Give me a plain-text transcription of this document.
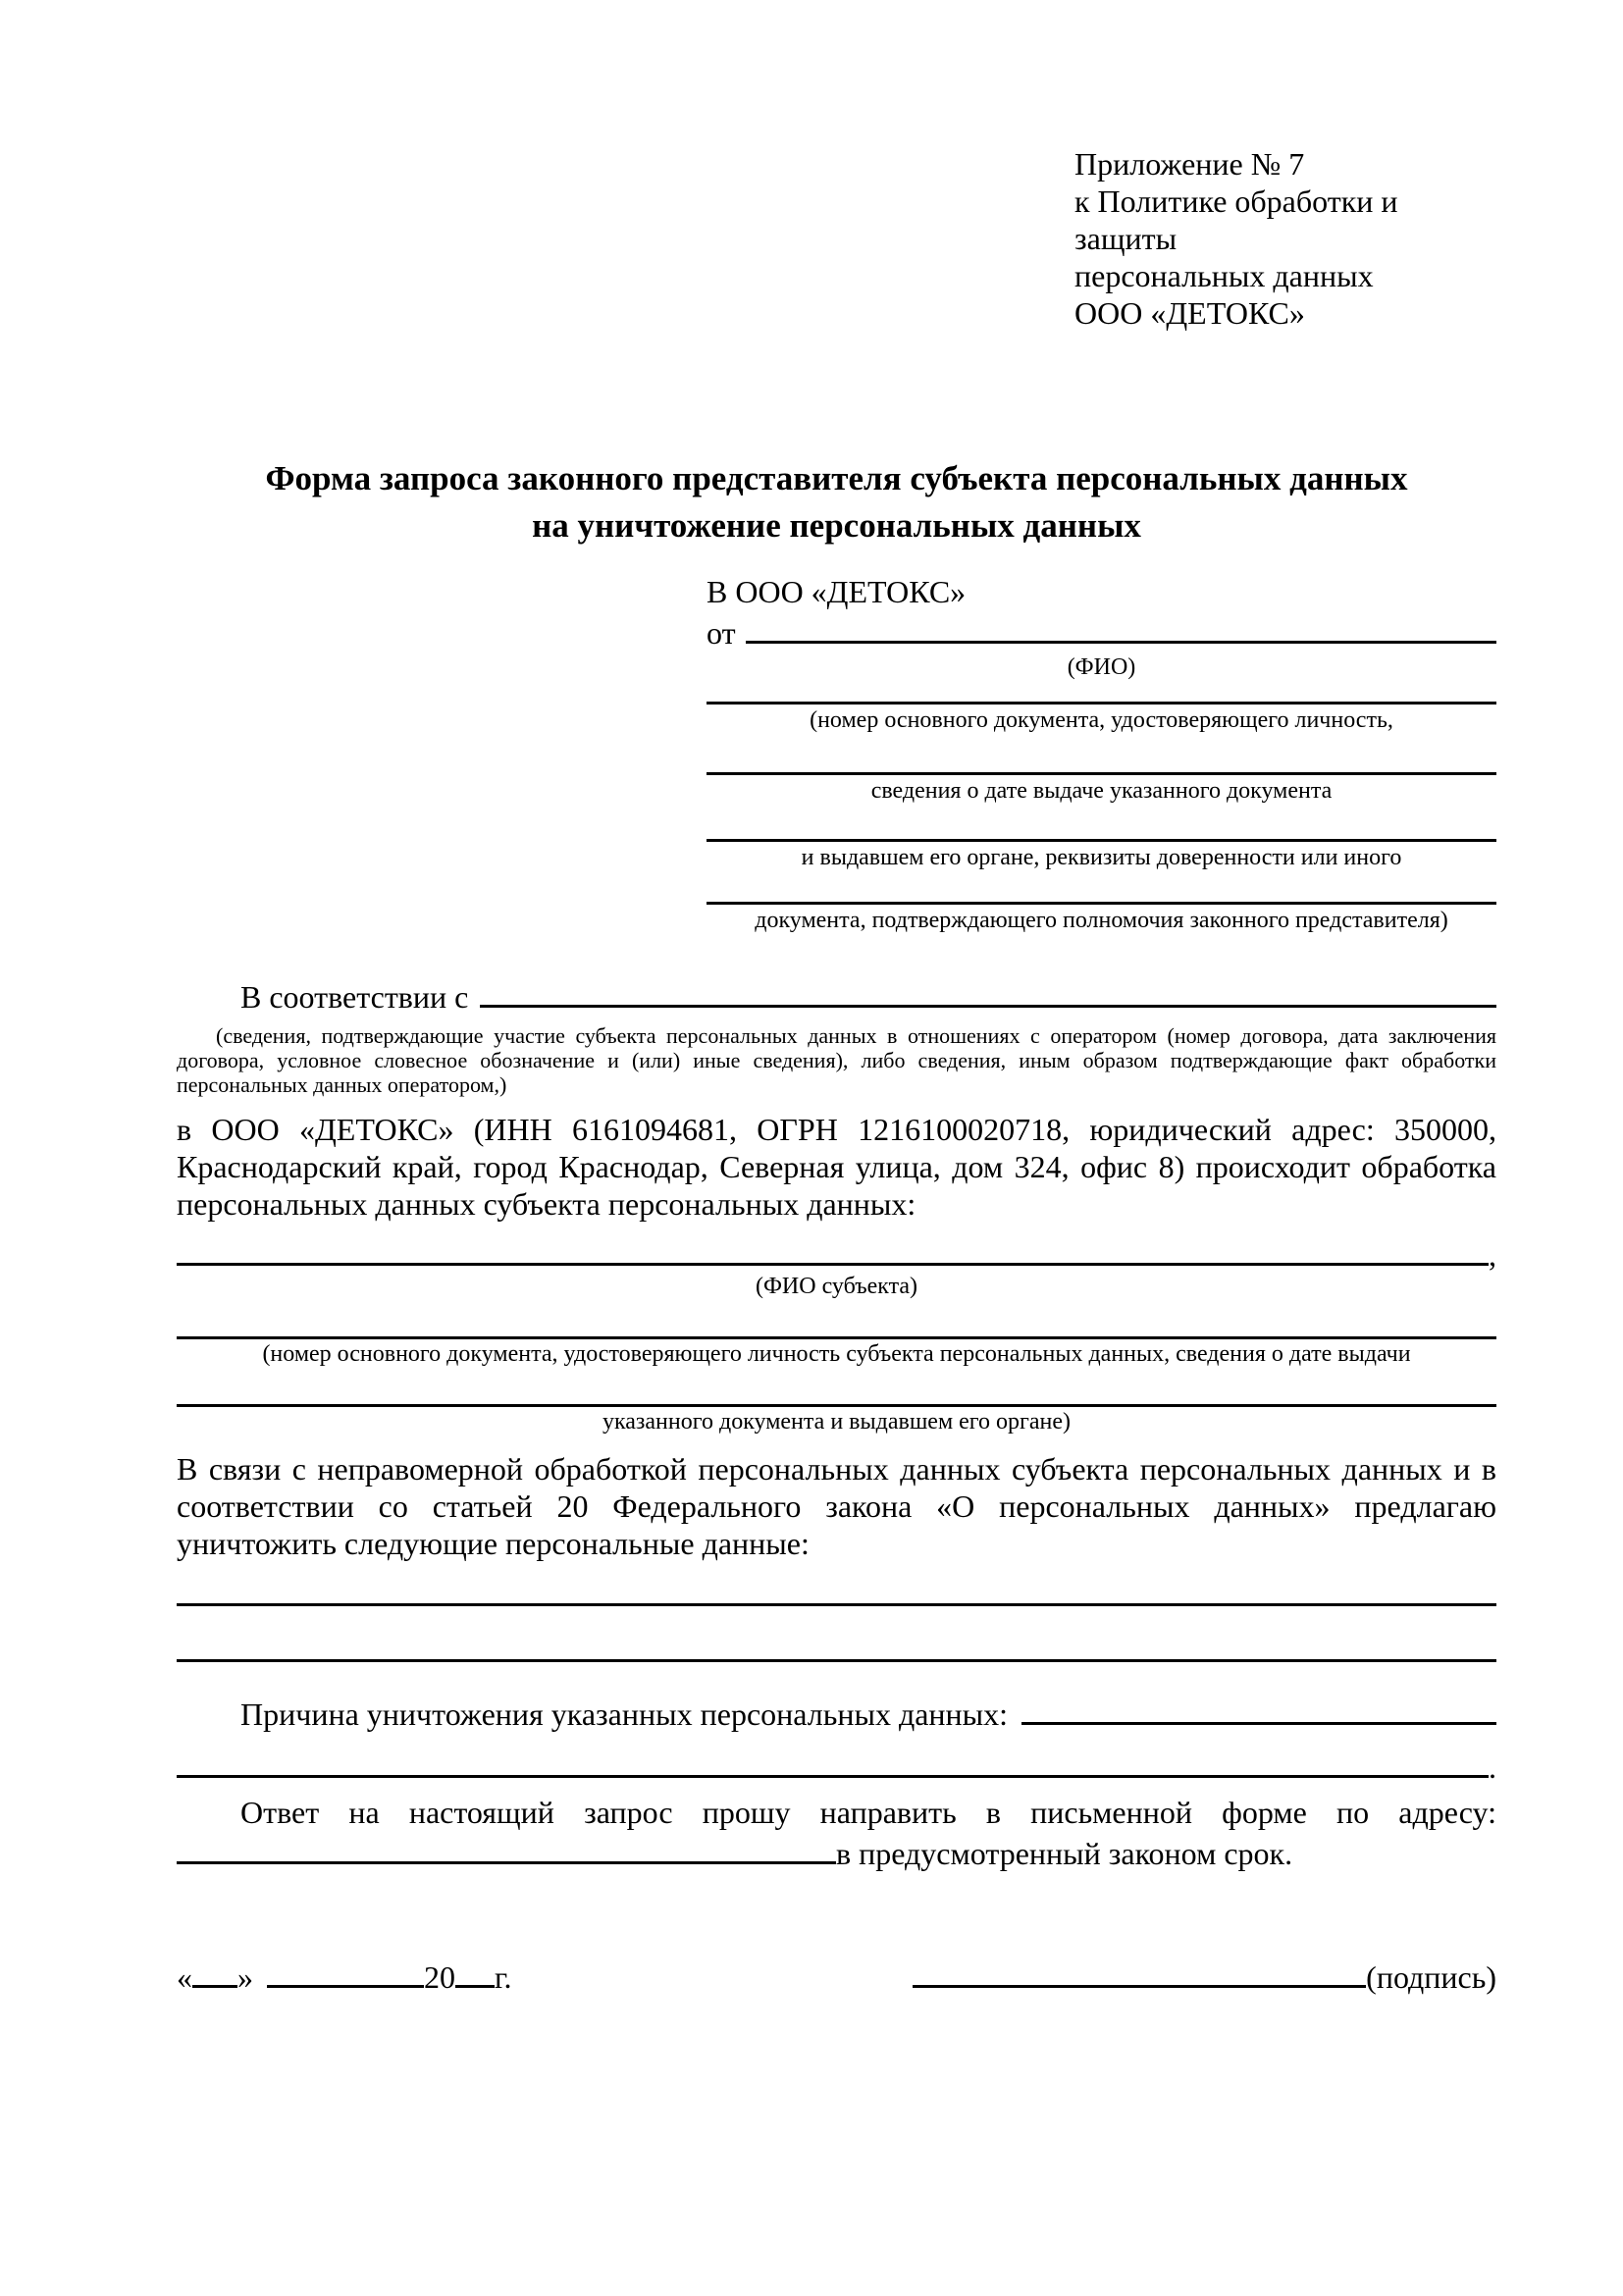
Приложение № 7
к Политике обработки и защиты
персональных данных
ООО «ДЕТОКС»
Форма запроса законного представителя субъекта персональных данных
на уничтожение персональных данных
В ООО «ДЕТОКС»
от
(ФИО)
(номер основного документа, удостоверяющего личность,
сведения о дате выдаче указанного документа
и выдавшем его органе, реквизиты доверенности или иного
документа, подтверждающего полномочия законного представителя)
В соответствии с
(сведения, подтверждающие участие субъекта персональных данных в отношениях с оператором (номер договора, дата заключения договора, условное словесное обозначение и (или) иные сведения), либо сведения, иным образом подтверждающие факт обработки персональных данных оператором,)
в ООО «ДЕТОКС» (ИНН 6161094681, ОГРН 1216100020718, юридический адрес: 350000, Краснодарский край, город Краснодар, Северная улица, дом 324, офис 8) происходит обработка персональных данных субъекта персональных данных:
,
(ФИО субъекта)
(номер основного документа, удостоверяющего личность субъекта персональных данных, сведения о дате выдачи
указанного документа и выдавшем его органе)
В связи с неправомерной обработкой персональных данных субъекта персональных данных и в соответствии со статьей 20 Федерального закона «О персональных данных» предлагаю уничтожить следующие персональные данные:
Причина уничтожения указанных персональных данных:
.
Ответ на настоящий запрос прошу направить в письменной форме по адресу:
в предусмотренный законом срок.
« »	20 г.	(подпись)
